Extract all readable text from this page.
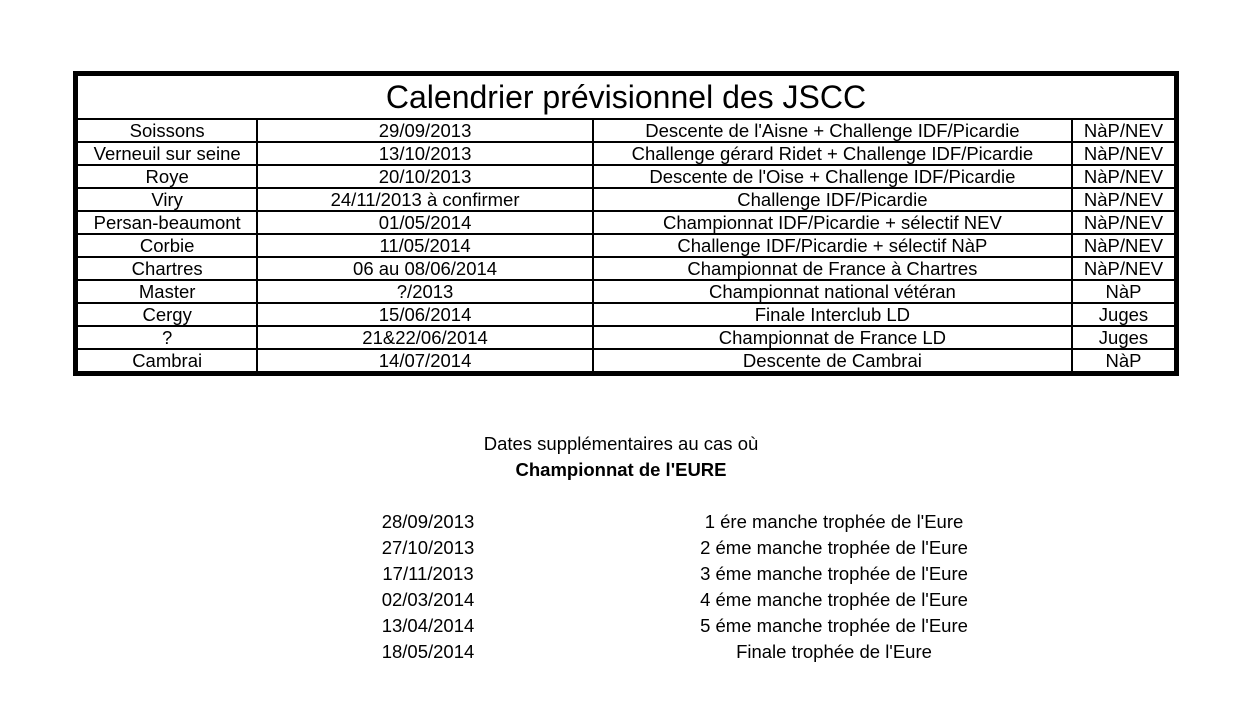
Calendrier prévisionnel des JSCC			
Soissons	29/09/2013	Descente de l'Aisne + Challenge IDF/Picardie	NàP/NEV
Verneuil sur seine	13/10/2013	Challenge gérard Ridet + Challenge IDF/Picardie	NàP/NEV
Roye	20/10/2013	Descente de l'Oise + Challenge IDF/Picardie	NàP/NEV
Viry	24/11/2013 à confirmer	Challenge IDF/Picardie	NàP/NEV
Persan-beaumont	01/05/2014	Championnat IDF/Picardie + sélectif NEV	NàP/NEV
Corbie	11/05/2014	Challenge IDF/Picardie + sélectif NàP	NàP/NEV
Chartres	06 au 08/06/2014	Championnat de France à Chartres	NàP/NEV
Master	?/2013	Championnat national vétéran	NàP
Cergy	15/06/2014	Finale Interclub LD	Juges
?	21&22/06/2014	Championnat de France LD	Juges
Cambrai	14/07/2014	Descente de Cambrai	NàP
Dates supplémentaires au cas où
Championnat de l'EURE
28/09/2013	1 ére manche trophée de l'Eure
27/10/2013	2 éme manche trophée de l'Eure
17/11/2013	3 éme manche trophée de l'Eure
02/03/2014	4 éme manche trophée de l'Eure
13/04/2014	5 éme manche trophée de l'Eure
18/05/2014	Finale trophée de l'Eure
